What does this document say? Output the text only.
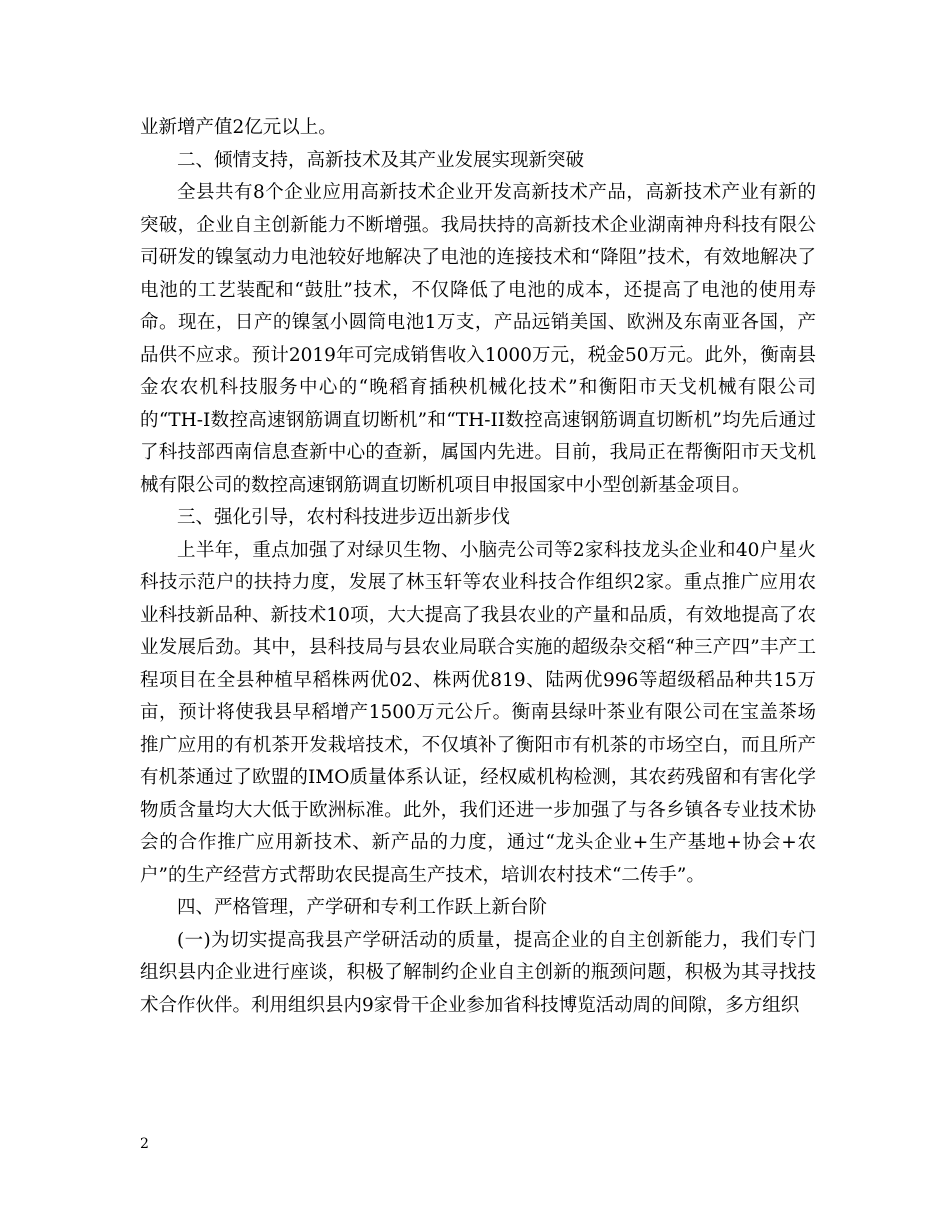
业新增产值2亿元以上。

二、倾情支持，高新技术及其产业发展实现新突破

全县共有8个企业应用高新技术企业开发高新技术产品，高新技术产业有新的突破，企业自主创新能力不断增强。我局扶持的高新技术企业湖南神舟科技有限公司研发的镍氢动力电池较好地解决了电池的连接技术和“降阻”技术，有效地解决了电池的工艺装配和“鼓肚”技术，不仅降低了电池的成本，还提高了电池的使用寿命。现在，日产的镍氢小圆筒电池1万支，产品远销美国、欧洲及东南亚各国，产品供不应求。预计2019年可完成销售收入1000万元，税金50万元。此外，衡南县金农农机科技服务中心的“晚稻育插秧机械化技术”和衡阳市天戈机械有限公司的“TH-I数控高速钢筋调直切断机”和“TH-II数控高速钢筋调直切断机”均先后通过了科技部西南信息查新中心的查新，属国内先进。目前，我局正在帮衡阳市天戈机械有限公司的数控高速钢筋调直切断机项目申报国家中小型创新基金项目。

三、强化引导，农村科技进步迈出新步伐

上半年，重点加强了对绿贝生物、小脑壳公司等2家科技龙头企业和40户星火科技示范户的扶持力度，发展了林玉轩等农业科技合作组织2家。重点推广应用农业科技新品种、新技术10项，大大提高了我县农业的产量和品质，有效地提高了农业发展后劲。其中，县科技局与县农业局联合实施的超级杂交稻“种三产四”丰产工程项目在全县种植早稻株两优02、株两优819、陆两优996等超级稻品种共15万亩，预计将使我县早稻增产1500万元公斤。衡南县绿叶茶业有限公司在宝盖茶场推广应用的有机茶开发栽培技术，不仅填补了衡阳市有机茶的市场空白，而且所产有机茶通过了欧盟的IMO质量体系认证，经权威机构检测，其农药残留和有害化学物质含量均大大低于欧洲标准。此外，我们还进一步加强了与各乡镇各专业技术协会的合作推广应用新技术、新产品的力度，通过“龙头企业+生产基地+协会+农户”的生产经营方式帮助农民提高生产技术，培训农村技术“二传手”。

四、严格管理，产学研和专利工作跃上新台阶

(一)为切实提高我县产学研活动的质量，提高企业的自主创新能力，我们专门组织县内企业进行座谈，积极了解制约企业自主创新的瓶颈问题，积极为其寻找技术合作伙伴。利用组织县内9家骨干企业参加省科技博览活动周的间隙，多方组织

2
